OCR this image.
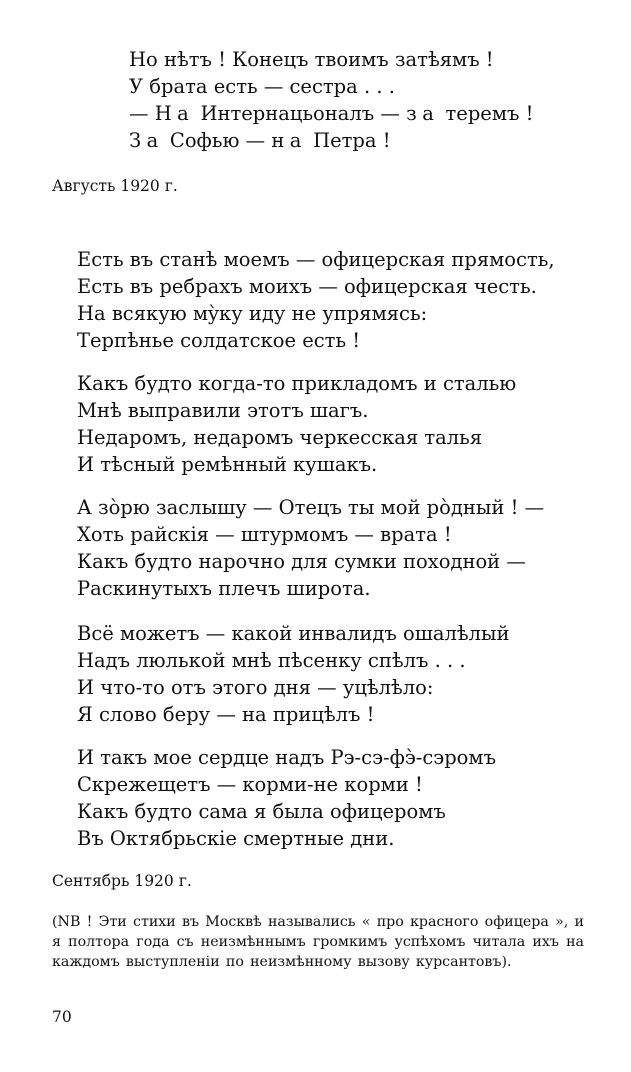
Но нѣтъ ! Конецъ твоимъ затѣямъ !
У брата есть — сестра . . .
— На Интернацьоналъ — за теремъ !
За Софью — на Петра !
Августь 1920 г.
Есть въ станѣ моемъ — офицерская прямость,
Есть въ ребрахъ моихъ — офицерская честь.
На всякую мỳку иду не упрямясь:
Терпѣнье солдатское есть !
Какъ будто когда-то прикладомъ и сталью
Мнѣ выправили этотъ шагъ.
Недаромъ, недаромъ черкесская талья
И тѣсный ремѣнный кушакъ.
А зòрю заслышу — Отецъ ты мой рòдный ! —
Хоть райскія — штурмомъ — врата !
Какъ будто нарочно для сумки походной —
Раскинутыхъ плечъ широта.
Всё можетъ — какой инвалидъ ошалѣлый
Надъ люлькой мнѣ пѣсенку спѣлъ . . .
И что-то отъ этого дня — уцѣлѣло:
Я слово беру — на прицѣлъ !
И такъ мое сердце надъ Рэ-сэ-фэ̀-сэромъ
Скрежещетъ — корми-не корми !
Какъ будто сама я была офицеромъ
Въ Октябрьскіе смертные дни.
Сентябрь 1920 г.
(NB ! Эти стихи въ Москвѣ назывались « про красного офицера », и я полтора года съ неизмѣннымъ громкимъ успѣхомъ читала ихъ на каждомъ выступленіи по неизмѣнному вызову курсантовъ).
70
